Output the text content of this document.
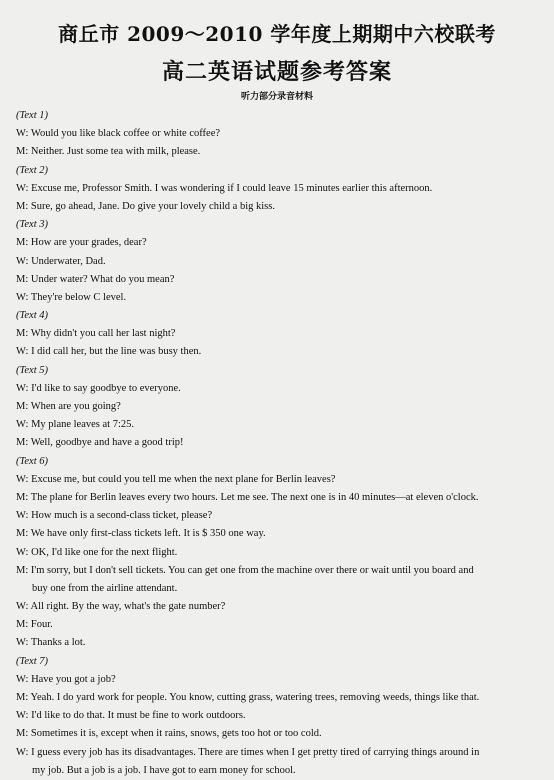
商丘市 2009～2010 学年度上期期中六校联考
高二英语试题参考答案
听力部分录音材料
(Text 1)
W: Would you like black coffee or white coffee?
M: Neither. Just some tea with milk, please.
(Text 2)
W: Excuse me, Professor Smith. I was wondering if I could leave 15 minutes earlier this afternoon.
M: Sure, go ahead, Jane. Do give your lovely child a big kiss.
(Text 3)
M: How are your grades, dear?
W: Underwater, Dad.
M: Under water? What do you mean?
W: They're below C level.
(Text 4)
M: Why didn't you call her last night?
W: I did call her, but the line was busy then.
(Text 5)
W: I'd like to say goodbye to everyone.
M: When are you going?
W: My plane leaves at 7:25.
M: Well, goodbye and have a good trip!
(Text 6)
W: Excuse me, but could you tell me when the next plane for Berlin leaves?
M: The plane for Berlin leaves every two hours. Let me see. The next one is in 40 minutes—at eleven o'clock.
W: How much is a second-class ticket, please?
M: We have only first-class tickets left. It is $ 350 one way.
W: OK, I'd like one for the next flight.
M: I'm sorry, but I don't sell tickets. You can get one from the machine over there or wait until you board and
buy one from the airline attendant.
W: All right. By the way, what's the gate number?
M: Four.
W: Thanks a lot.
(Text 7)
W: Have you got a job?
M: Yeah. I do yard work for people. You know, cutting grass, watering trees, removing weeds, things like that.
W: I'd like to do that. It must be fine to work outdoors.
M: Sometimes it is, except when it rains, snows, gets too hot or too cold.
W: I guess every job has its disadvantages. There are times when I get pretty tired of carrying things around in
my job. But a job is a job. I have got to earn money for school.
